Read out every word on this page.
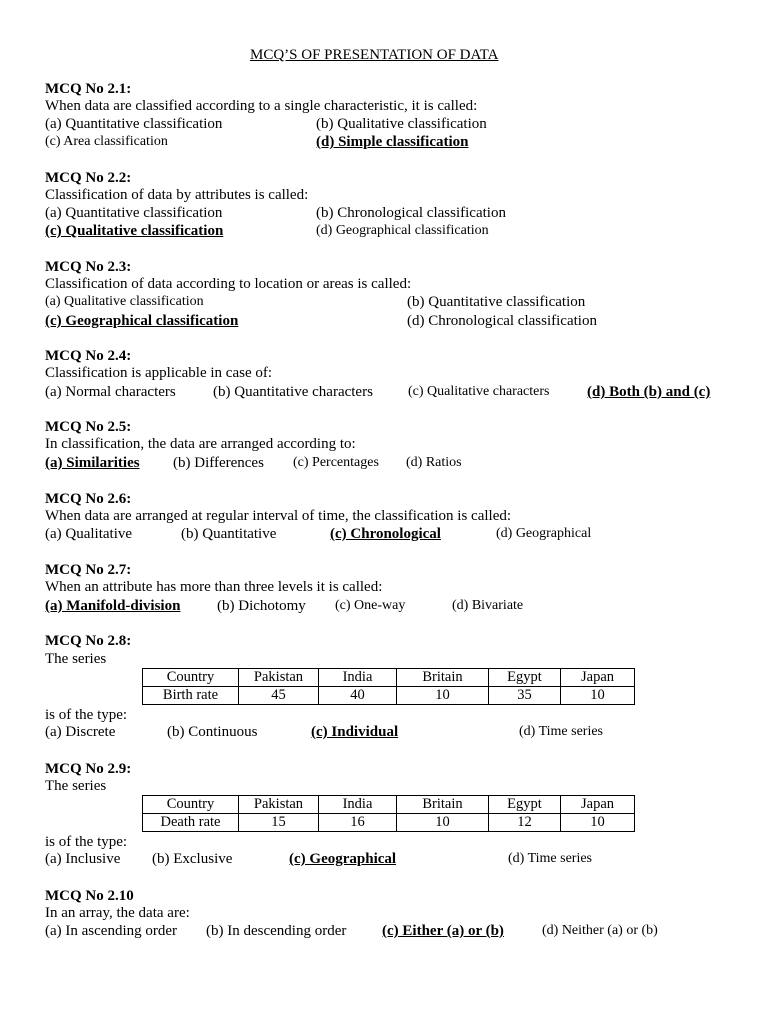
MCQ’S OF PRESENTATION OF DATA
MCQ No 2.1:
When data are classified according to a single characteristic, it is called:
(a) Quantitative classification	(b) Qualitative classification
(c) Area classification	(d) Simple classification
MCQ No 2.2:
Classification of data by attributes is called:
(a) Quantitative classification	(b) Chronological classification
(c) Qualitative classification	(d) Geographical classification
MCQ No 2.3:
Classification of data according to location or areas is called:
(a) Qualitative classification	(b) Quantitative classification
(c) Geographical classification	(d) Chronological classification
MCQ No 2.4:
Classification is applicable in case of:
(a) Normal characters (b) Quantitative characters	(c) Qualitative characters	(d) Both (b) and (c)
MCQ No 2.5:
In classification, the data are arranged according to:
(a) Similarities (b) Differences (c) Percentages (d) Ratios
MCQ No 2.6:
When data are arranged at regular interval of time, the classification is called:
(a) Qualitative	(b) Quantitative	(c) Chronological	(d) Geographical
MCQ No 2.7:
When an attribute has more than three levels it is called:
(a) Manifold-division (b) Dichotomy (c) One-way	(d) Bivariate
MCQ No 2.8:
The series
Country	Pakistan	India	Britain	Egypt	Japan
Birth rate	45	40	10	35	10
is of the type:
(a) Discrete	(b) Continuous	(c) Individual	(d) Time series
MCQ No 2.9:
The series
Country	Pakistan	India	Britain	Egypt	Japan
Death rate	15	16	10	12	10
is of the type:
(a) Inclusive (b) Exclusive	(c) Geographical	(d) Time series
MCQ No 2.10
In an array, the data are:
(a) In ascending order (b) In descending order (c) Either (a) or (b)	(d) Neither (a) or (b)
